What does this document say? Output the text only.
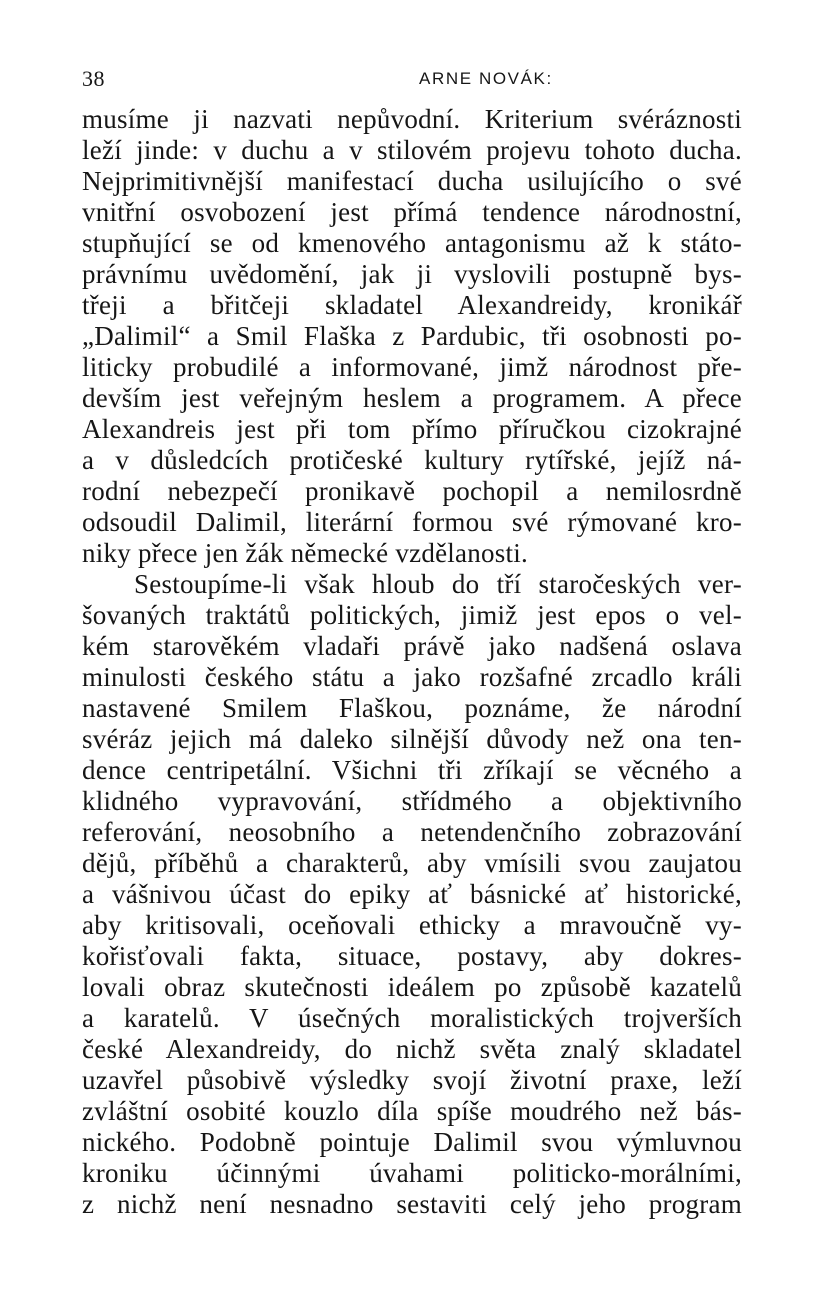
38	ARNE NOVÁK:
musíme ji nazvati nepůvodní. Kriterium svéráznosti
leží jinde: v duchu a v stilovém projevu tohoto ducha.
Nejprimitivnější manifestací ducha usilujícího o své
vnitřní osvobození jest přímá tendence národnostní,
stupňující se od kmenového antagonismu až k státo-
právnímu uvědomění, jak ji vyslovili postupně bys-
třeji a břitčeji skladatel Alexandreidy, kronikář
„Dalimil“ a Smil Flaška z Pardubic, tři osobnosti po-
liticky probudilé a informované, jimž národnost pře-
devším jest veřejným heslem a programem. A přece
Alexandreis jest při tom přímo příručkou cizokrajné
a v důsledcích protičeské kultury rytířské, jejíž ná-
rodní nebezpečí pronikavě pochopil a nemilosrdně
odsoudil Dalimil, literární formou své rýmované kro-
niky přece jen žák německé vzdělanosti.
Sestoupíme-li však hloub do tří staročeských ver-
šovaných traktátů politických, jimiž jest epos o vel-
kém starověkém vladaři právě jako nadšená oslava
minulosti českého státu a jako rozšafné zrcadlo králi
nastavené Smilem Flaškou, poznáme, že národní
svéráz jejich má daleko silnější důvody než ona ten-
dence centripetální. Všichni tři zříkají se věcného a
klidného vypravování, střídmého a objektivního
referování, neosobního a netendenčního zobrazování
dějů, příběhů a charakterů, aby vmísili svou zaujatou
a vášnivou účast do epiky ať básnické ať historické,
aby kritisovali, oceňovali ethicky a mravoučně vy-
kořisťovali fakta, situace, postavy, aby dokres-
lovali obraz skutečnosti ideálem po způsobě kazatelů
a karatelů. V úsečných moralistických trojverších
české Alexandreidy, do nichž světa znalý skladatel
uzavřel působivě výsledky svojí životní praxe, leží
zvláštní osobité kouzlo díla spíše moudrého než bás-
nického. Podobně pointuje Dalimil svou výmluvnou
kroniku účinnými úvahami politicko-morálními,
z nichž není nesnadno sestaviti celý jeho program
